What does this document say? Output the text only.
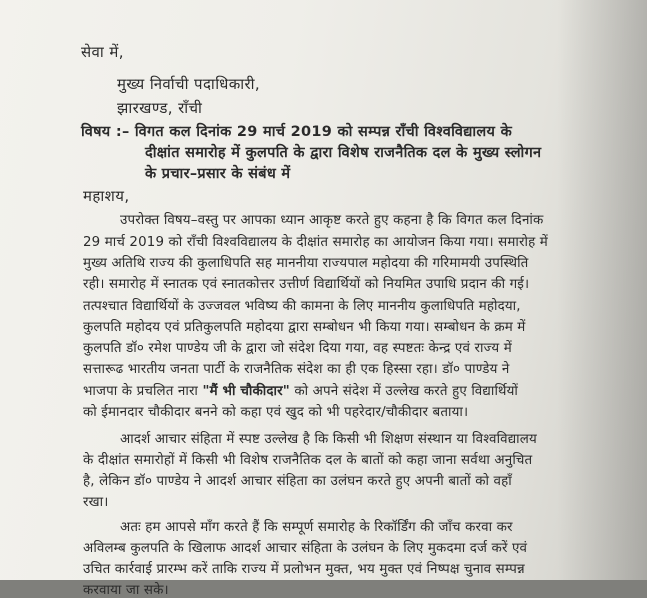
सेवा में,
मुख्य निर्वाची पदाधिकारी,
झारखण्ड, राँची
विषय :– विगत कल दिनांक 29 मार्च 2019 को सम्पन्न राँची विश्वविद्यालय के
दीक्षांत समारोह में कुलपति के द्वारा विशेष राजनैतिक दल के मुख्य स्लोगन
के प्रचार–प्रसार के संबंध में
महाशय,
उपरोक्त विषय–वस्तु पर आपका ध्यान आकृष्ट करते हुए कहना है कि विगत कल दिनांक
29 मार्च 2019 को राँची विश्वविद्यालय के दीक्षांत समारोह का आयोजन किया गया। समारोह में
मुख्य अतिथि राज्य की कुलाधिपति सह माननीया राज्यपाल महोदया की गरिमामयी उपस्थिति
रही। समारोह में स्नातक एवं स्नातकोत्तर उत्तीर्ण विद्यार्थियों को नियमित उपाधि प्रदान की गई।
तत्पश्चात विद्यार्थियों के उज्जवल भविष्य की कामना के लिए माननीय कुलाधिपति महोदया,
कुलपति महोदय एवं प्रतिकुलपति महोदया द्वारा सम्बोधन भी किया गया। सम्बोधन के क्रम में
कुलपति डॉ० रमेश पाण्डेय जी के द्वारा जो संदेश दिया गया, वह स्पष्टतः केन्द्र एवं राज्य में
सत्तारूढ भारतीय जनता पार्टी के राजनैतिक संदेश का ही एक हिस्सा रहा। डॉ० पाण्डेय ने
भाजपा के प्रचलित नारा "मैं भी चौकीदार" को अपने संदेश में उल्लेख करते हुए विद्यार्थियों
को ईमानदार चौकीदार बनने को कहा एवं खुद को भी पहरेदार/चौकीदार बताया।
आदर्श आचार संहिता में स्पष्ट उल्लेख है कि किसी भी शिक्षण संस्थान या विश्वविद्यालय
के दीक्षांत समारोहों में किसी भी विशेष राजनैतिक दल के बातों को कहा जाना सर्वथा अनुचित
है, लेकिन डॉ० पाण्डेय ने आदर्श आचार संहिता का उलंघन करते हुए अपनी बातों को वहाँ
रखा।
अतः हम आपसे माँग करते हैं कि सम्पूर्ण समारोह के रिकॉर्डिंग की जाँच करवा कर
अविलम्ब कुलपति के खिलाफ आदर्श आचार संहिता के उलंघन के लिए मुकदमा दर्ज करें एवं
उचित कार्रवाई प्रारम्भ करें ताकि राज्य में प्रलोभन मुक्त, भय मुक्त एवं निष्पक्ष चुनाव सम्पन्न
करवाया जा सके।
